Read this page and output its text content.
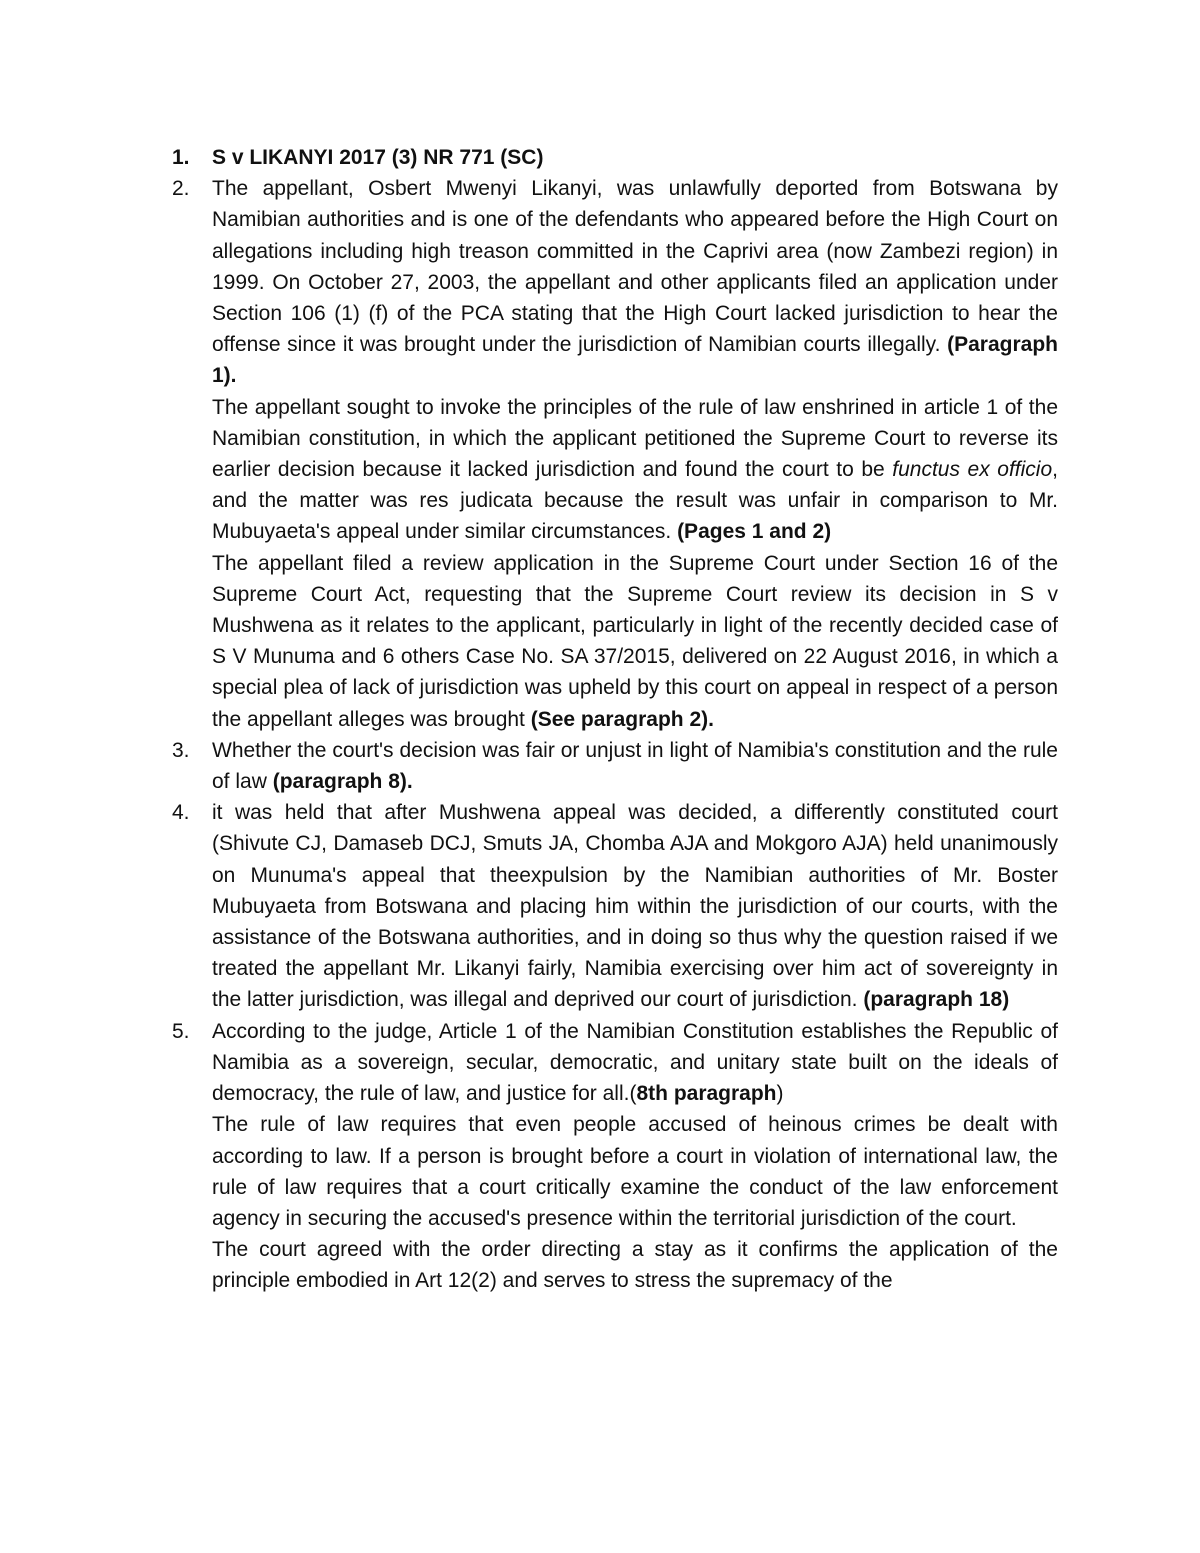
1. S v LIKANYI 2017 (3) NR 771 (SC)

2. The appellant, Osbert Mwenyi Likanyi, was unlawfully deported from Botswana by Namibian authorities and is one of the defendants who appeared before the High Court on allegations including high treason committed in the Caprivi area (now Zambezi region) in 1999. On October 27, 2003, the appellant and other applicants filed an application under Section 106 (1) (f) of the PCA stating that the High Court lacked jurisdiction to hear the offense since it was brought under the jurisdiction of Namibian courts illegally. (Paragraph 1).

The appellant sought to invoke the principles of the rule of law enshrined in article 1 of the Namibian constitution, in which the applicant petitioned the Supreme Court to reverse its earlier decision because it lacked jurisdiction and found the court to be functus ex officio, and the matter was res judicata because the result was unfair in comparison to Mr. Mubuyaeta's appeal under similar circumstances. (Pages 1 and 2)

The appellant filed a review application in the Supreme Court under Section 16 of the Supreme Court Act, requesting that the Supreme Court review its decision in S v Mushwena as it relates to the applicant, particularly in light of the recently decided case of S V Munuma and 6 others Case No. SA 37/2015, delivered on 22 August 2016, in which a special plea of lack of jurisdiction was upheld by this court on appeal in respect of a person the appellant alleges was brought (See paragraph 2).

3. Whether the court's decision was fair or unjust in light of Namibia's constitution and the rule of law (paragraph 8).

4. it was held that after Mushwena appeal was decided, a differently constituted court (Shivute CJ, Damaseb DCJ, Smuts JA, Chomba AJA and Mokgoro AJA) held unanimously on Munuma's appeal that theexpulsion by the Namibian authorities of Mr. Boster Mubuyaeta from Botswana and placing him within the jurisdiction of our courts, with the assistance of the Botswana authorities, and in doing so thus why the question raised if we treated the appellant Mr. Likanyi fairly, Namibia exercising over him act of sovereignty in the latter jurisdiction, was illegal and deprived our court of jurisdiction. (paragraph 18)

5. According to the judge, Article 1 of the Namibian Constitution establishes the Republic of Namibia as a sovereign, secular, democratic, and unitary state built on the ideals of democracy, the rule of law, and justice for all.(8th paragraph)

The rule of law requires that even people accused of heinous crimes be dealt with according to law. If a person is brought before a court in violation of international law, the rule of law requires that a court critically examine the conduct of the law enforcement agency in securing the accused's presence within the territorial jurisdiction of the court.

The court agreed with the order directing a stay as it confirms the application of the principle embodied in Art 12(2) and serves to stress the supremacy of the
